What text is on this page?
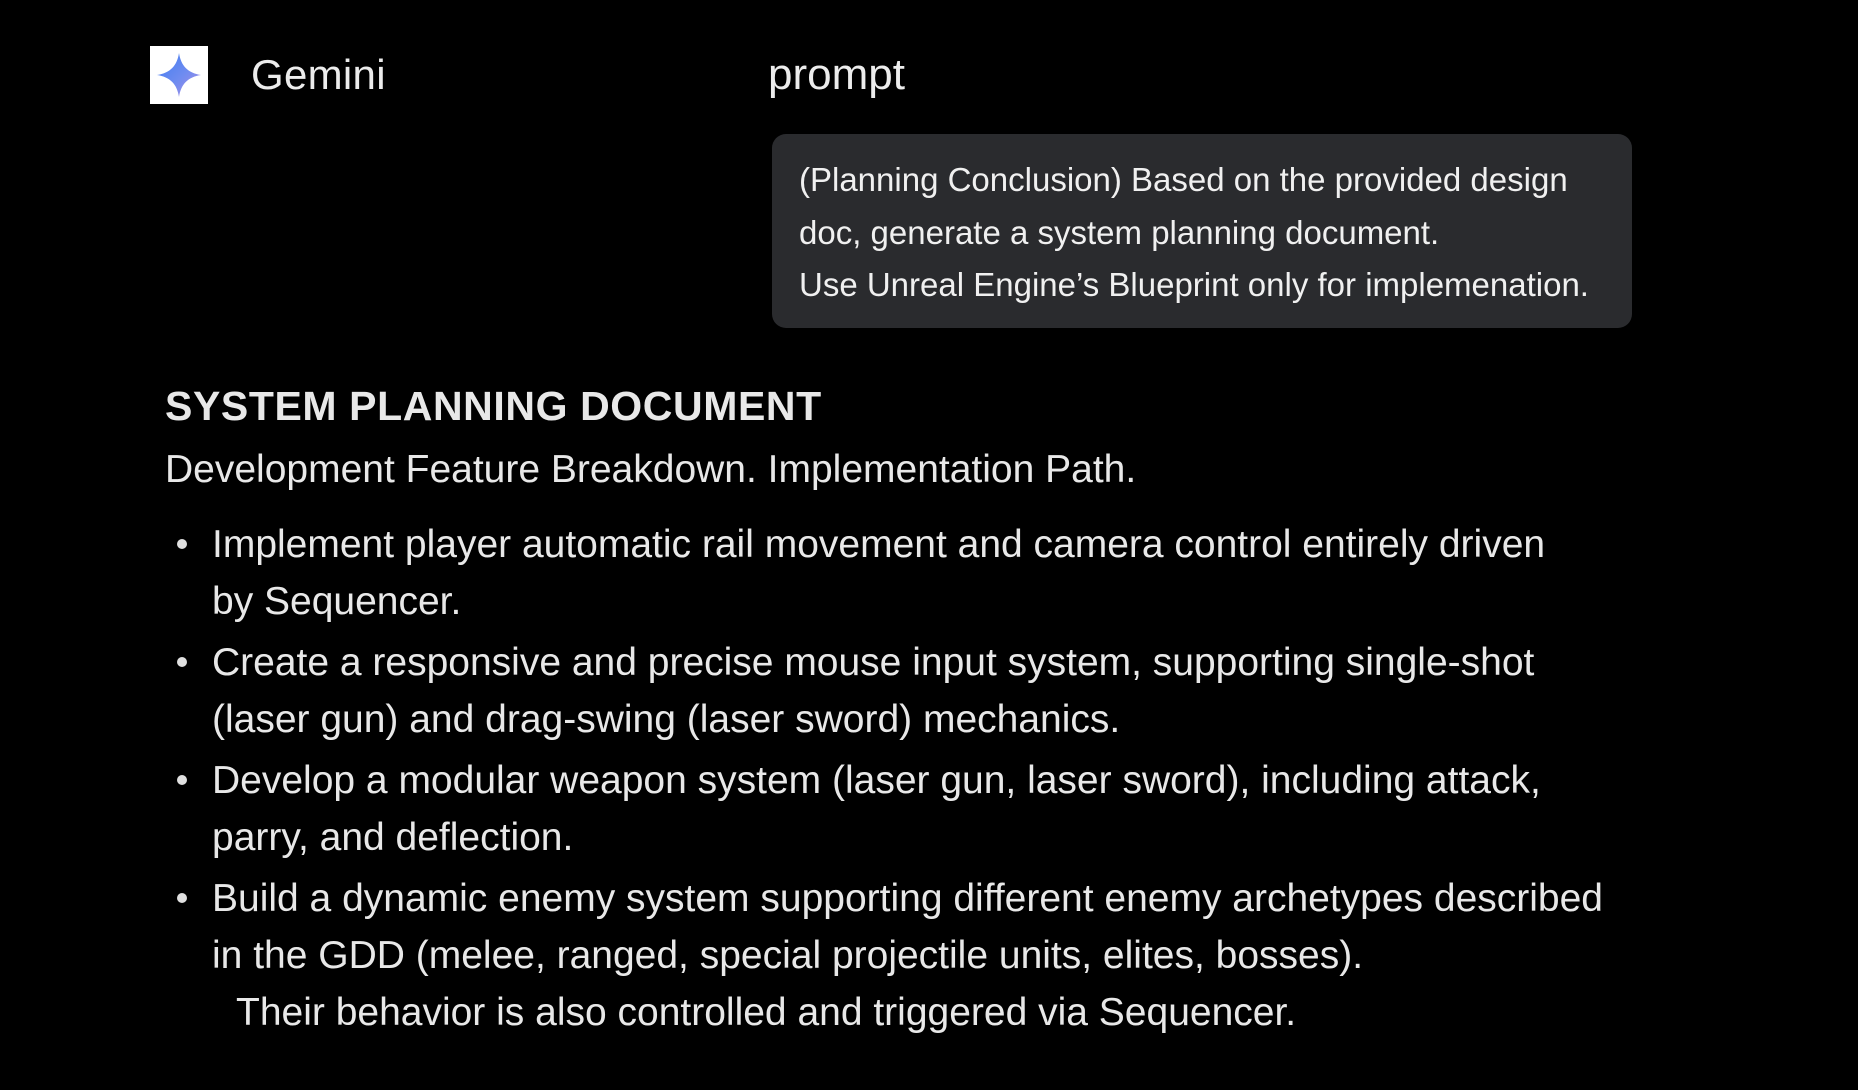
Gemini	prompt
(Planning Conclusion) Based on the provided design
doc, generate a system planning document.
Use Unreal Engine’s Blueprint only for implemenation.
SYSTEM PLANNING DOCUMENT
Development Feature Breakdown. Implementation Path.
Implement player automatic rail movement and camera control entirely driven
by Sequencer.
Create a responsive and precise mouse input system, supporting single-shot
(laser gun) and drag-swing (laser sword) mechanics.
Develop a modular weapon system (laser gun, laser sword), including attack,
parry, and deflection.
Build a dynamic enemy system supporting different enemy archetypes described
in the GDD (melee, ranged, special projectile units, elites, bosses).
Their behavior is also controlled and triggered via Sequencer.
